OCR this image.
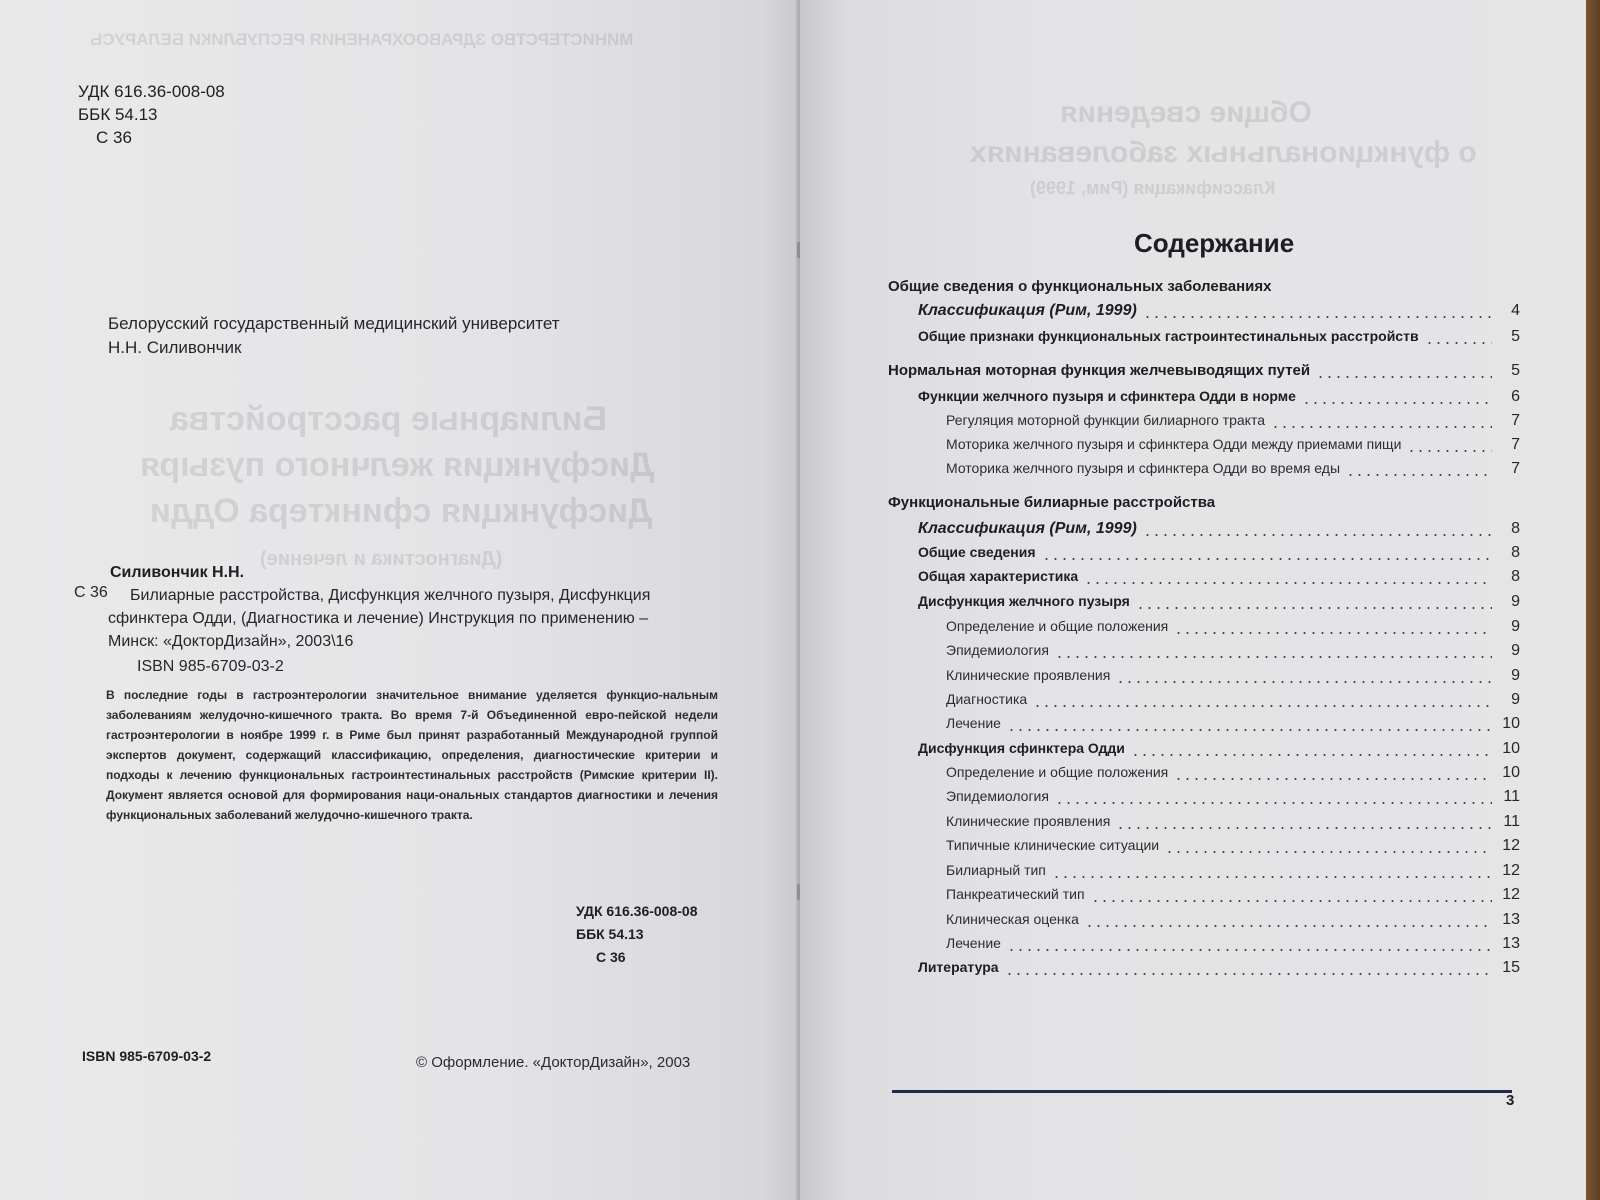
МИНИСТЕРСТВО ЗДРАВООХРАНЕНИЯ РЕСПУБЛИКИ БЕЛАРУСЬ
Билиарные расстройства
Дисфункция желчного пузыря
Дисфункция сфинктера Одди
(Диагностика и лечение)
УДК 616.36-008-08
ББК 54.13
С 36
Белорусский государственный медицинский университет
Н.Н. Силивончик
Силивончик Н.Н.
С 36 Билиарные расстройства, Дисфункция желчного пузыря, Дисфункция
сфинктера Одди, (Диагностика и лечение) Инструкция по применению –
Минск: «ДокторДизайн», 2003\16
ISBN 985-6709-03-2
В последние годы в гастроэнтерологии значительное внимание уделяется функцио-нальным заболеваниям желудочно-кишечного тракта. Во время 7-й Объединенной евро-пейской недели гастроэнтерологии в ноябре 1999 г. в Риме был принят разработанный Международной группой экспертов документ, содержащий классификацию, определения, диагностические критерии и подходы к лечению функциональных гастроинтестинальных расстройств (Римские критерии II). Документ является основой для формирования наци-ональных стандартов диагностики и лечения функциональных заболеваний желудочно-кишечного тракта.
УДК 616.36-008-08
ББК 54.13
С 36
ISBN 985-6709-03-2	© Оформление. «ДокторДизайн», 2003
Общие сведения
о функциональных заболеваниях
Классификация (Рим, 1999)
Содержание
Общие сведения о функциональных заболеваниях
Классификация (Рим, 1999)	4
Общие признаки функциональных гастроинтестинальных расстройств	5
Нормальная моторная функция желчевыводящих путей	5
Функции желчного пузыря и сфинктера Одди в норме	6
Регуляция моторной функции билиарного тракта	7
Моторика желчного пузыря и сфинктера Одди между приемами пищи	7
Моторика желчного пузыря и сфинктера Одди во время еды	7
Функциональные билиарные расстройства
Классификация (Рим, 1999)	8
Общие сведения	8
Общая характеристика	8
Дисфункция желчного пузыря	9
Определение и общие положения	9
Эпидемиология	9
Клинические проявления	9
Диагностика	9
Лечение	10
Дисфункция сфинктера Одди	10
Определение и общие положения	10
Эпидемиология	11
Клинические проявления	11
Типичные клинические ситуации	12
Билиарный тип	12
Панкреатический тип	12
Клиническая оценка	13
Лечение	13
Литература	15
3
